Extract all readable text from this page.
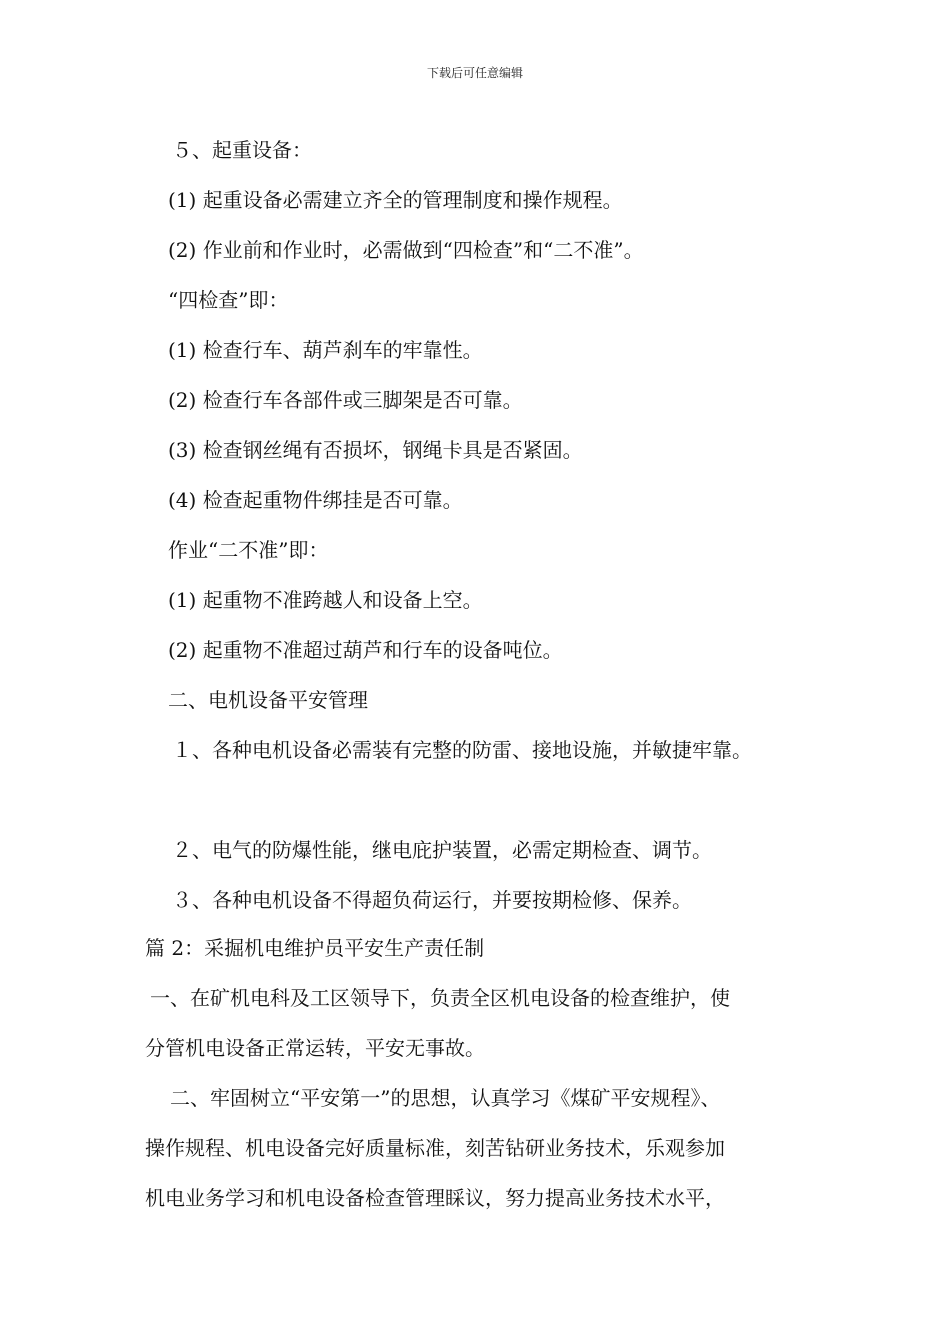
下载后可任意编辑
５、起重设备：
(1) 起重设备必需建立齐全的管理制度和操作规程。
(2) 作业前和作业时，必需做到“四检查”和“二不准”。
“四检查”即：
(1) 检查行车、葫芦刹车的牢靠性。
(2) 检查行车各部件或三脚架是否可靠。
(3) 检查钢丝绳有否损坏，钢绳卡具是否紧固。
(4) 检查起重物件绑挂是否可靠。
作业“二不准”即：
(1) 起重物不准跨越人和设备上空。
(2) 起重物不准超过葫芦和行车的设备吨位。
二、电机设备平安管理
１、各种电机设备必需装有完整的防雷、接地设施，并敏捷牢靠。
２、电气的防爆性能，继电庇护装置，必需定期检查、调节。
３、各种电机设备不得超负荷运行，并要按期检修、保养。
篇 2：采掘机电维护员平安生产责任制
一、在矿机电科及工区领导下，负责全区机电设备的检查维护，使
分管机电设备正常运转，平安无事故。
二、牢固树立“平安第一”的思想，认真学习《煤矿平安规程》、
操作规程、机电设备完好质量标准，刻苦钻研业务技术，乐观参加
机电业务学习和机电设备检查管理睬议，努力提高业务技术水平，
